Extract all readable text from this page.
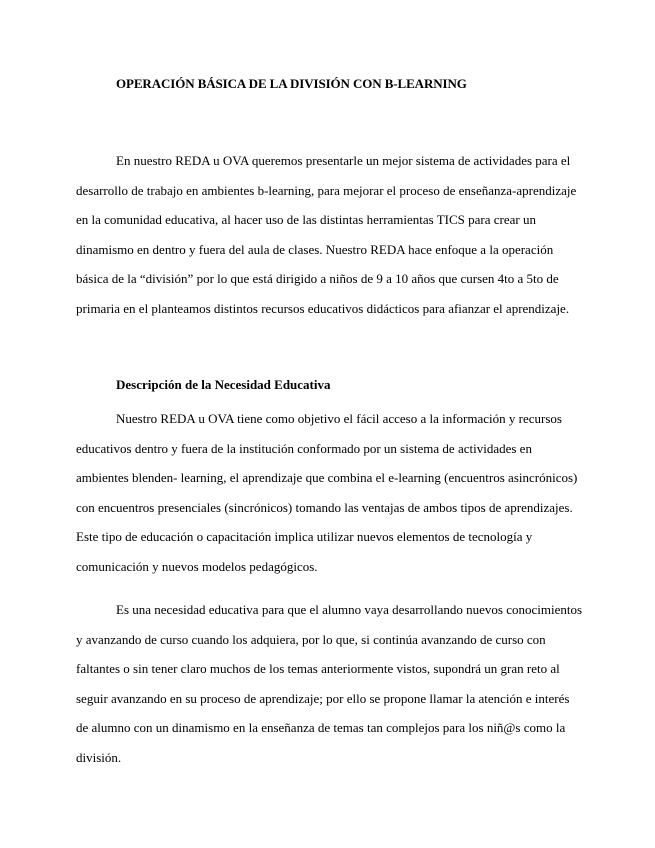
OPERACIÓN BÁSICA DE LA DIVISIÓN CON B-LEARNING

En nuestro REDA u OVA queremos presentarle un mejor sistema de actividades para el
desarrollo de trabajo en ambientes b-learning, para mejorar el proceso de enseñanza-aprendizaje
en la comunidad educativa, al hacer uso de las distintas herramientas TICS para crear un
dinamismo en dentro y fuera del aula de clases. Nuestro REDA hace enfoque a la operación
básica de la “división” por lo que está dirigido a niños de 9 a 10 años que cursen 4to a 5to de
primaria en el planteamos distintos recursos educativos didácticos para afianzar el aprendizaje.

Descripción de la Necesidad Educativa

Nuestro REDA u OVA tiene como objetivo el fácil acceso a la información y recursos
educativos dentro y fuera de la institución conformado por un sistema de actividades en
ambientes blenden- learning, el aprendizaje que combina el e-learning (encuentros asincrónicos)
con encuentros presenciales (sincrónicos) tomando las ventajas de ambos tipos de aprendizajes.
Este tipo de educación o capacitación implica utilizar nuevos elementos de tecnología y
comunicación y nuevos modelos pedagógicos.

Es una necesidad educativa para que el alumno vaya desarrollando nuevos conocimientos
y avanzando de curso cuando los adquiera, por lo que, si continúa avanzando de curso con
faltantes o sin tener claro muchos de los temas anteriormente vistos, supondrá un gran reto al
seguir avanzando en su proceso de aprendizaje; por ello se propone llamar la atención e interés
de alumno con un dinamismo en la enseñanza de temas tan complejos para los niñ@s como la
división.
